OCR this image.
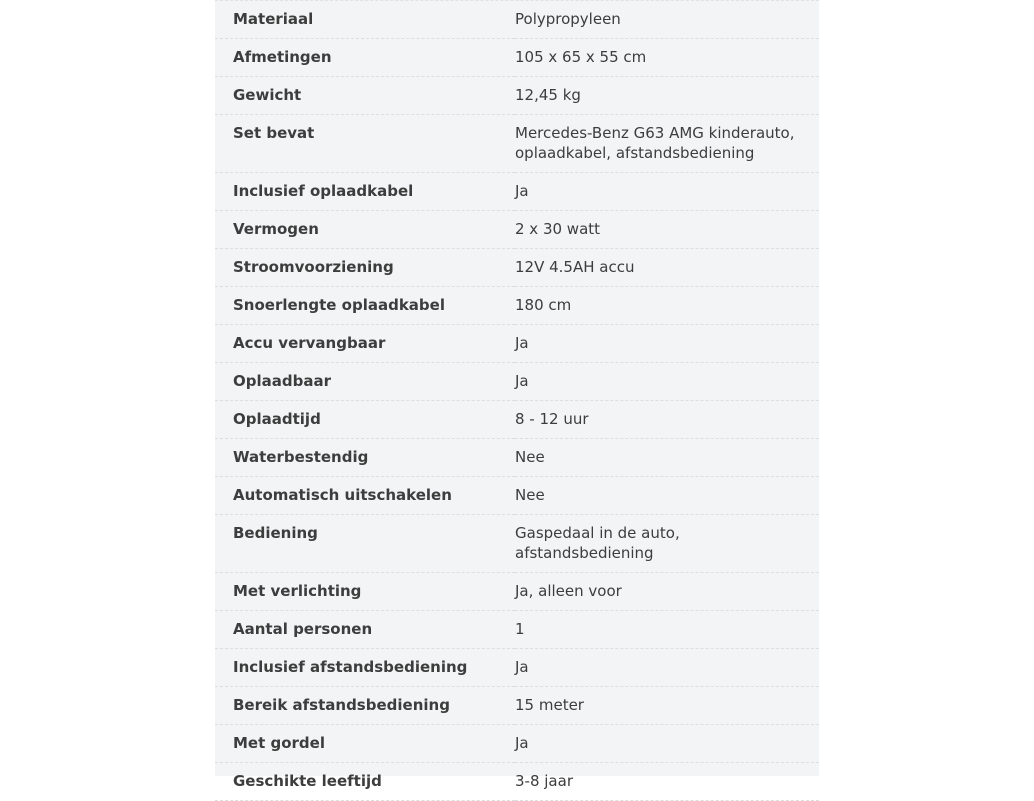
Materiaal	Polypropyleen
Afmetingen	105 x 65 x 55 cm
Gewicht	12,45 kg
Set bevat	Mercedes-Benz G63 AMG kinderauto, oplaadkabel, afstandsbediening
Inclusief oplaadkabel	Ja
Vermogen	2 x 30 watt
Stroomvoorziening	12V 4.5AH accu
Snoerlengte oplaadkabel	180 cm
Accu vervangbaar	Ja
Oplaadbaar	Ja
Oplaadtijd	8 - 12 uur
Waterbestendig	Nee
Automatisch uitschakelen	Nee
Bediening	Gaspedaal in de auto, afstandsbediening
Met verlichting	Ja, alleen voor
Aantal personen	1
Inclusief afstandsbediening	Ja
Bereik afstandsbediening	15 meter
Met gordel	Ja
Geschikte leeftijd	3-8 jaar
